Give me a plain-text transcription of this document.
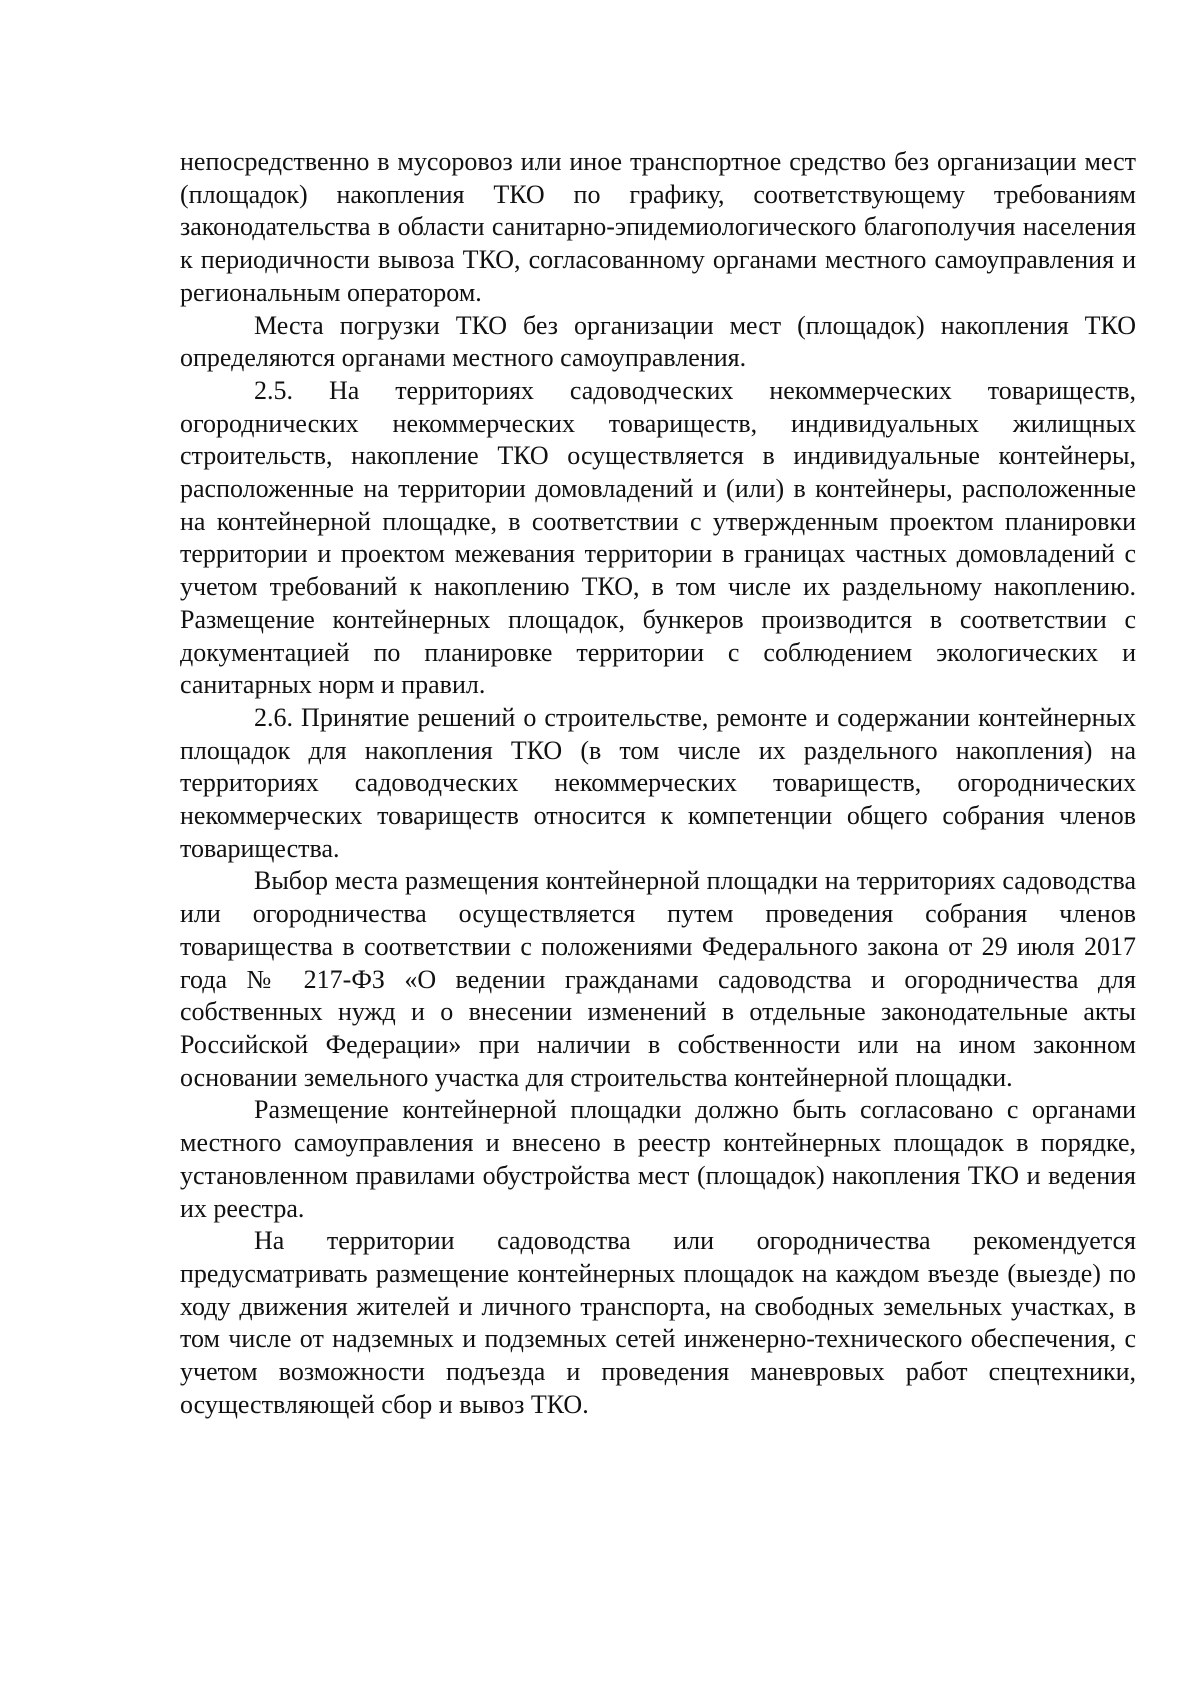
непосредственно в мусоровоз или иное транспортное средство без организации мест (площадок) накопления ТКО по графику, соответствующему требованиям законодательства в области санитарно-эпидемиологического благополучия населения к периодичности вывоза ТКО, согласованному органами местного самоуправления и региональным оператором.

Места погрузки ТКО без организации мест (площадок) накопления ТКО определяются органами местного самоуправления.

2.5. На территориях садоводческих некоммерческих товариществ, огороднических некоммерческих товариществ, индивидуальных жилищных строительств, накопление ТКО осуществляется в индивидуальные контейнеры, расположенные на территории домовладений и (или) в контейнеры, расположенные на контейнерной площадке, в соответствии с утвержденным проектом планировки территории и проектом межевания территории в границах частных домовладений с учетом требований к накоплению ТКО, в том числе их раздельному накоплению. Размещение контейнерных площадок, бункеров производится в соответствии с документацией по планировке территории с соблюдением экологических и санитарных норм и правил.

2.6. Принятие решений о строительстве, ремонте и содержании контейнерных площадок для накопления ТКО (в том числе их раздельного накопления) на территориях садоводческих некоммерческих товариществ, огороднических некоммерческих товариществ относится к компетенции общего собрания членов товарищества.

Выбор места размещения контейнерной площадки на территориях садоводства или огородничества осуществляется путем проведения собрания членов товарищества в соответствии с положениями Федерального закона от 29 июля 2017 года № 217-ФЗ «О ведении гражданами садоводства и огородничества для собственных нужд и о внесении изменений в отдельные законодательные акты Российской Федерации» при наличии в собственности или на ином законном основании земельного участка для строительства контейнерной площадки.

Размещение контейнерной площадки должно быть согласовано с органами местного самоуправления и внесено в реестр контейнерных площадок в порядке, установленном правилами обустройства мест (площадок) накопления ТКО и ведения их реестра.

На территории садоводства или огородничества рекомендуется предусматривать размещение контейнерных площадок на каждом въезде (выезде) по ходу движения жителей и личного транспорта, на свободных земельных участках, в том числе от надземных и подземных сетей инженерно-технического обеспечения, с учетом возможности подъезда и проведения маневровых работ спецтехники, осуществляющей сбор и вывоз ТКО.
